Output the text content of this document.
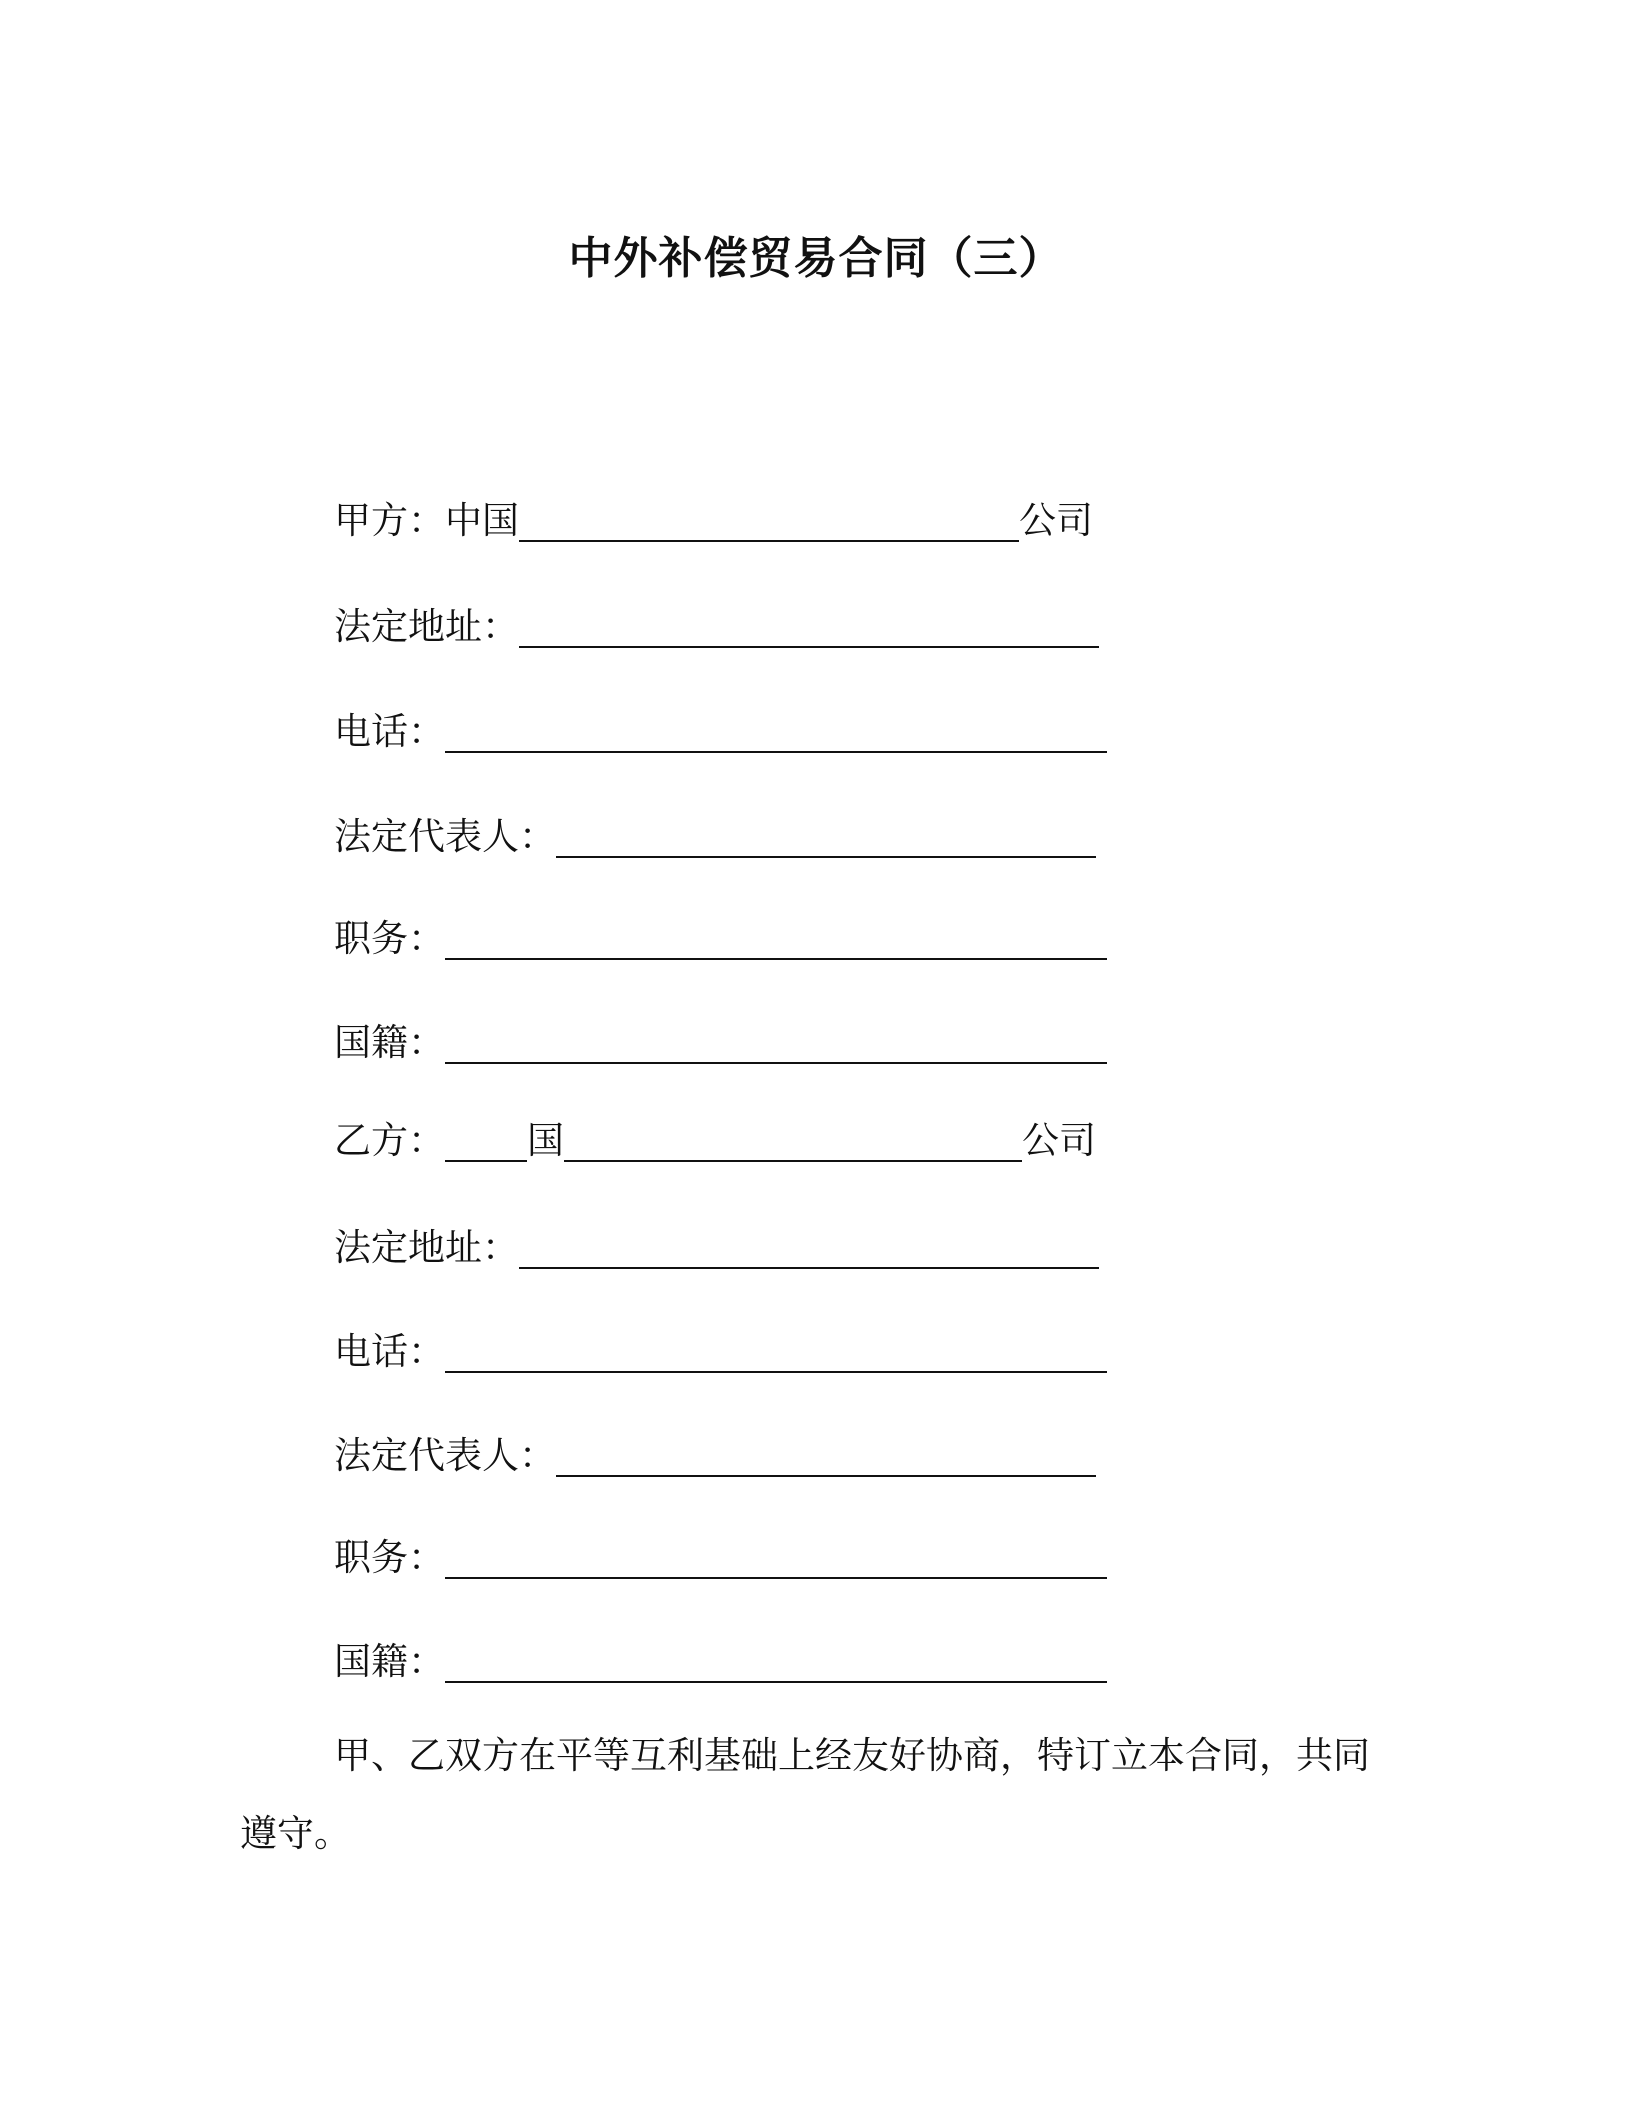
中外补偿贸易合同（三）
甲方：中国	公司
法定地址：
电话：
法定代表人：
职务：
国籍：
乙方： 国	公司
法定地址：
电话：
法定代表人：
职务：
国籍：
甲、乙双方在平等互利基础上经友好协商，特订立本合同，共同遵守。
